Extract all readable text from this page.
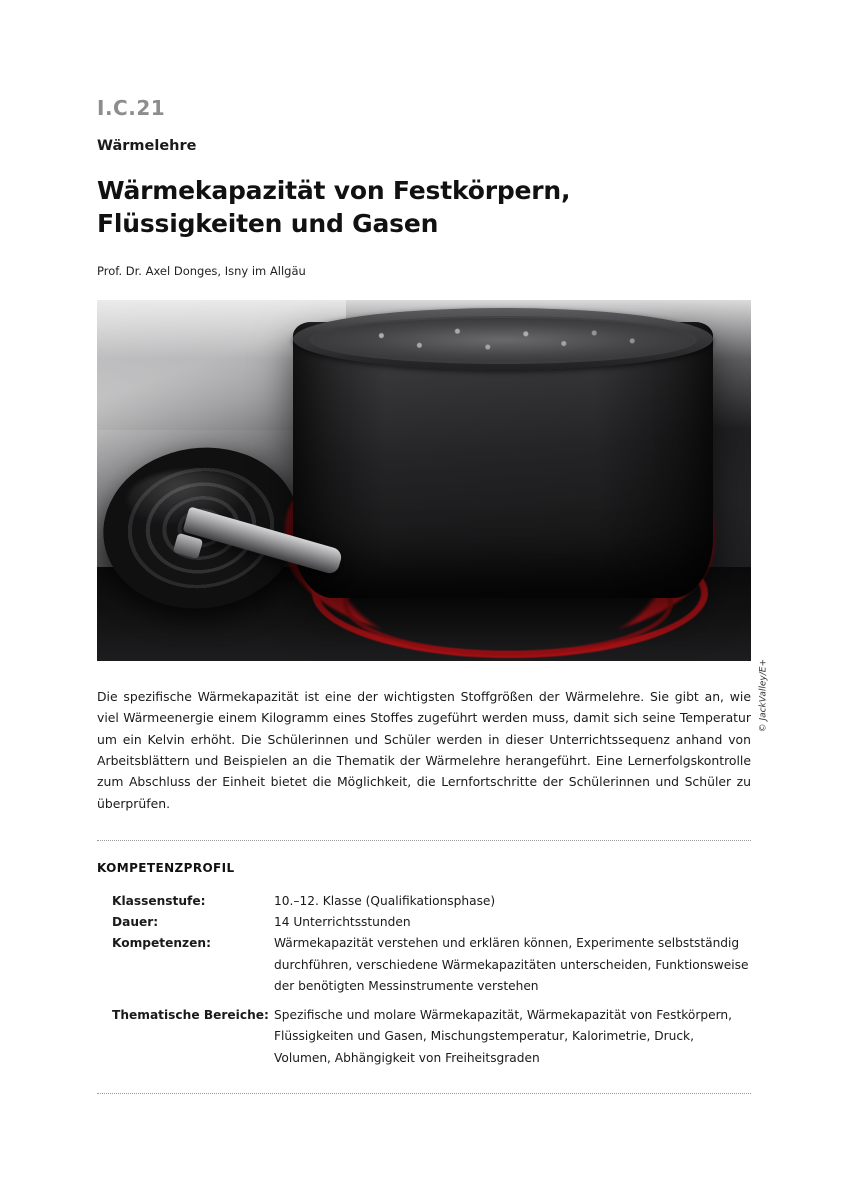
I.C.21
Wärmelehre
Wärmekapazität von Festkörpern,
Flüssigkeiten und Gasen
Prof. Dr. Axel Donges, Isny im Allgäu
© JackValley/E+

Die spezifische Wärmekapazität ist eine der wichtigsten Stoffgrößen der Wärmelehre. Sie gibt an, wie viel Wärmeenergie einem Kilogramm eines Stoffes zugeführt werden muss, damit sich seine Temperatur um ein Kelvin erhöht. Die Schülerinnen und Schüler werden in dieser Unterrichtssequenz anhand von Arbeitsblättern und Beispielen an die Thematik der Wärmelehre herangeführt. Eine Lernerfolgskontrolle zum Abschluss der Einheit bietet die Möglichkeit, die Lernfortschritte der Schülerinnen und Schüler zu überprüfen.

KOMPETENZPROFIL
Klassenstufe:	10.–12. Klasse (Qualifikationsphase)
Dauer:	14 Unterrichtsstunden
Kompetenzen:	Wärmekapazität verstehen und erklären können, Experimente selbstständig durchführen, verschiedene Wärmekapazitäten unterscheiden, Funktionsweise der benötigten Messinstrumente verstehen
Thematische Bereiche:	Spezifische und molare Wärmekapazität, Wärmekapazität von Festkörpern, Flüssigkeiten und Gasen, Mischungstemperatur, Kalorimetrie, Druck, Volumen, Abhängigkeit von Freiheitsgraden
